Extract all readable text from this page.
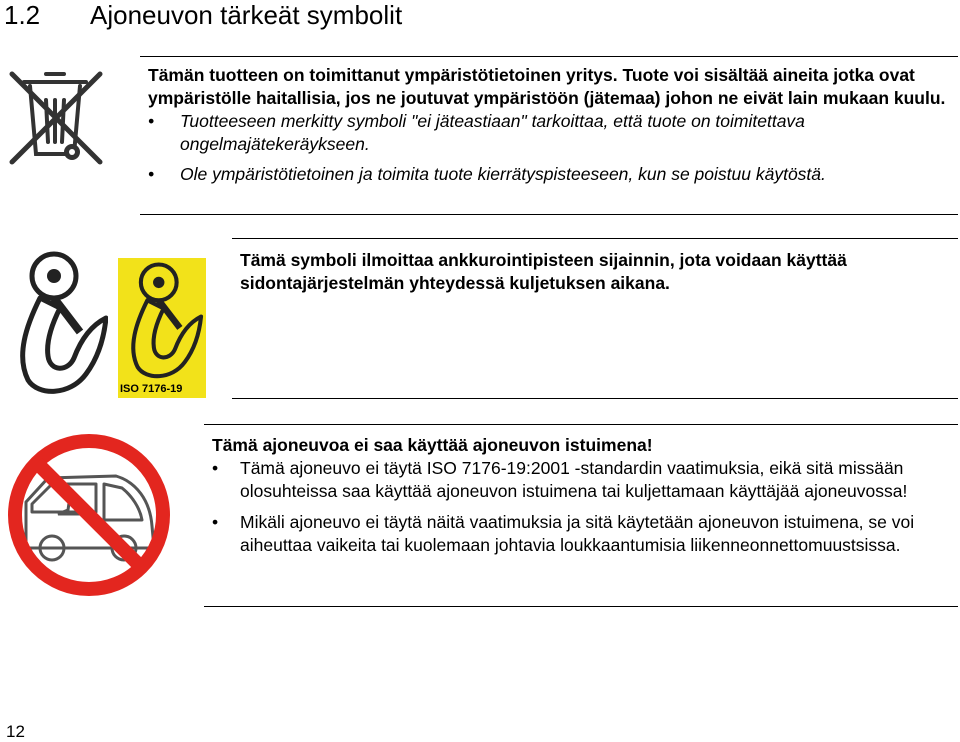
1.2 Ajoneuvon tärkeät symbolit
Tämän tuotteen on toimittanut ympäristötietoinen yritys. Tuote voi sisältää aineita jotka ovat ympäristölle haitallisia, jos ne joutuvat ympäristöön (jätemaa) johon ne eivät lain mukaan kuulu.
• Tuotteeseen merkitty symboli "ei jäteastiaan" tarkoittaa, että tuote on toimitettava ongelmajätekeräykseen.
• Ole ympäristötietoinen ja toimita tuote kierrätyspisteeseen, kun se poistuu käytöstä.
ISO 7176-19
Tämä symboli ilmoittaa ankkurointipisteen sijainnin, jota voidaan käyttää sidontajärjestelmän yhteydessä kuljetuksen aikana.
Tämä ajoneuvoa ei saa käyttää ajoneuvon istuimena!
• Tämä ajoneuvo ei täytä ISO 7176-19:2001 -standardin vaatimuksia, eikä sitä missään olosuhteissa saa käyttää ajoneuvon istuimena tai kuljettamaan käyttäjää ajoneuvossa!
• Mikäli ajoneuvo ei täytä näitä vaatimuksia ja sitä käytetään ajoneuvon istuimena, se voi aiheuttaa vaikeita tai kuolemaan johtavia loukkaantumisia liikenneonnettomuustsissa.
12
